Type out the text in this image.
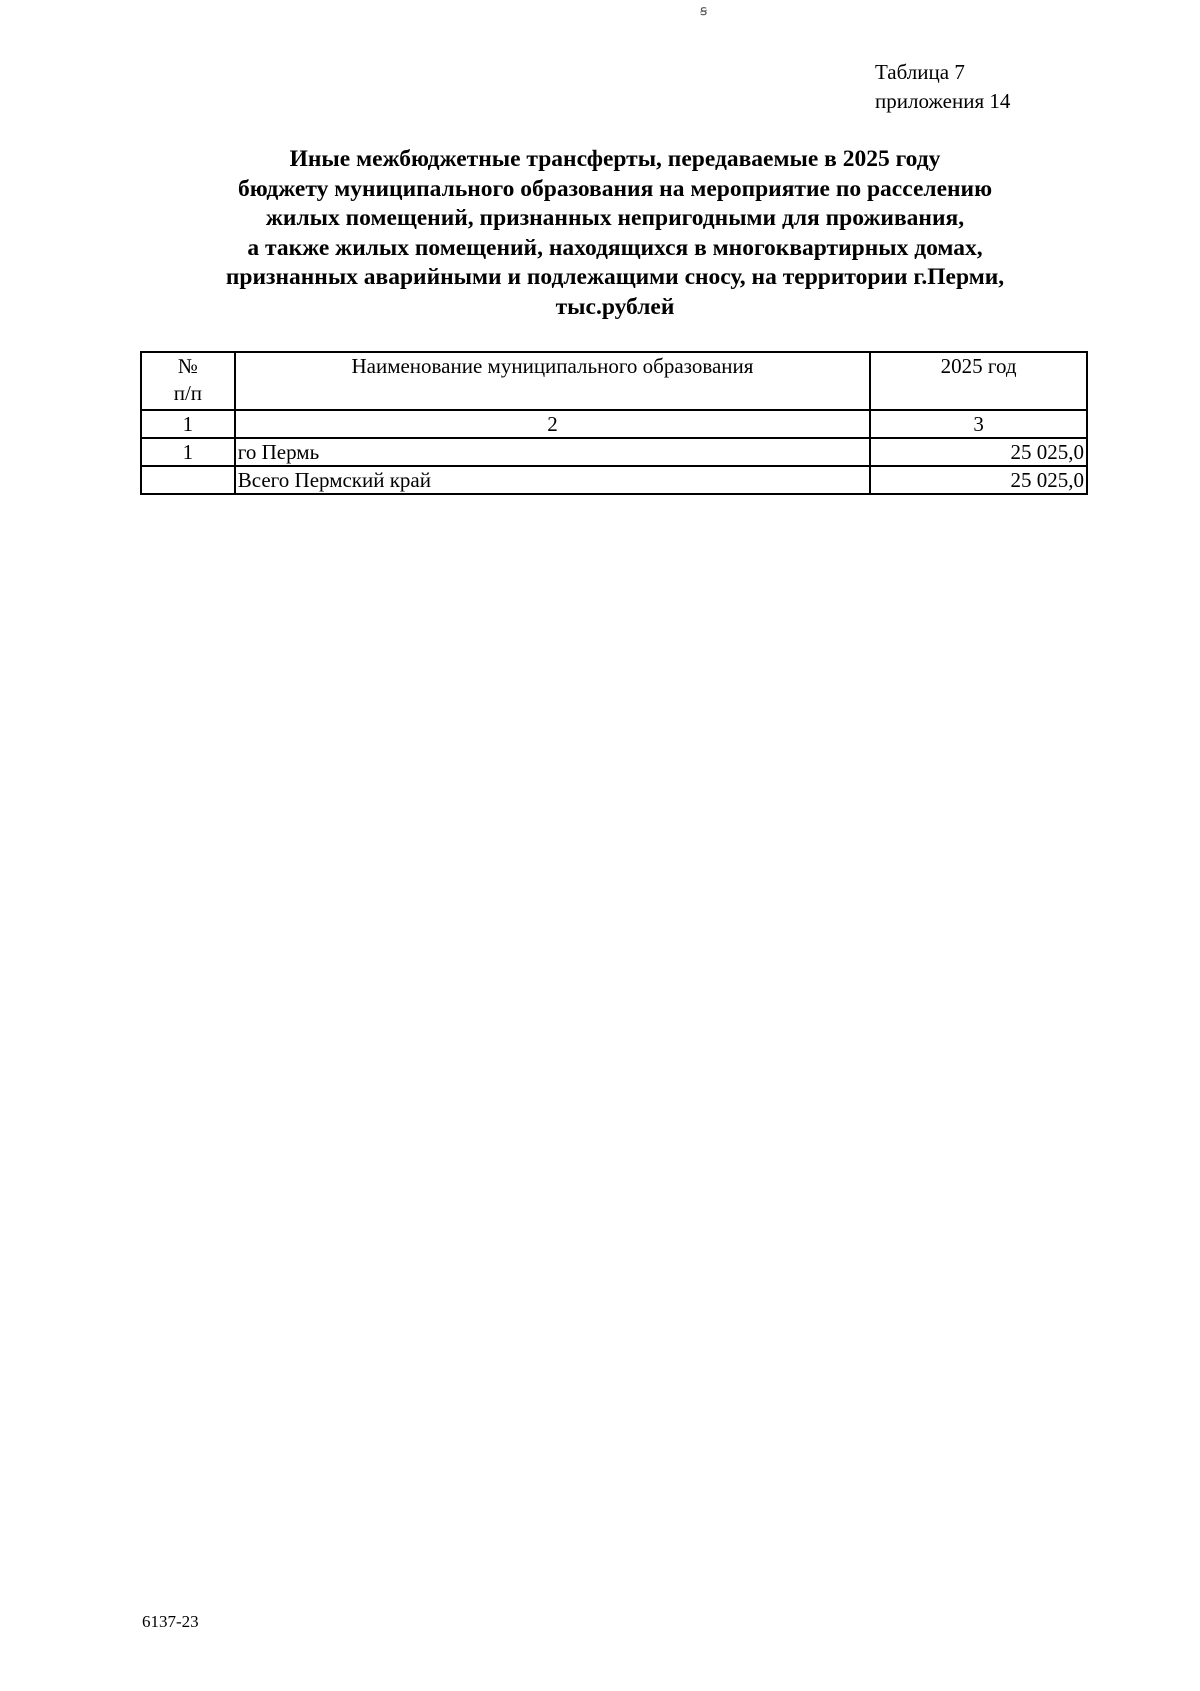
ꞩ
Таблица 7
приложения 14
Иные межбюджетные трансферты, передаваемые в 2025 году
бюджету муниципального образования на мероприятие по расселению
жилых помещений, признанных непригодными для проживания,
а также жилых помещений, находящихся в многоквартирных домах,
признанных аварийными и подлежащими сносу, на территории г.Перми,
тыс.рублей
№
п/п	Наименование муниципального образования	2025 год
1	2	3
1	го Пермь	25 025,0
	Всего Пермский край	25 025,0
6137-23
